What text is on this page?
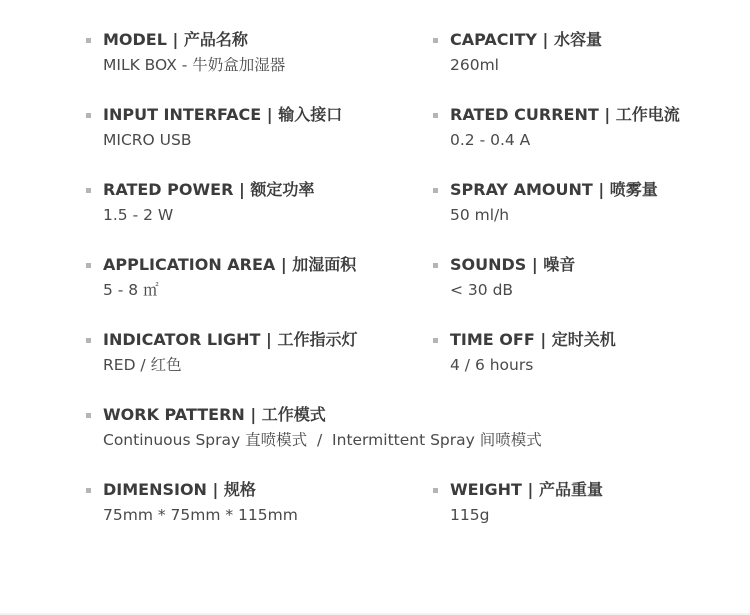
MODEL | 产品名称
MILK BOX - 牛奶盒加湿器
CAPACITY | 水容量
260ml
INPUT INTERFACE | 输入接口
MICRO USB
RATED CURRENT | 工作电流
0.2 - 0.4 A
RATED POWER | 额定功率
1.5 - 2 W
SPRAY AMOUNT | 喷雾量
50 ml/h
APPLICATION AREA | 加湿面积
5 - 8 ㎡
SOUNDS | 噪音
< 30 dB
INDICATOR LIGHT | 工作指示灯
RED / 红色
TIME OFF | 定时关机
4 / 6 hours
WORK PATTERN | 工作模式
Continuous Spray 直喷模式  /  Intermittent Spray 间喷模式
DIMENSION | 规格
75mm * 75mm * 115mm
WEIGHT | 产品重量
115g
